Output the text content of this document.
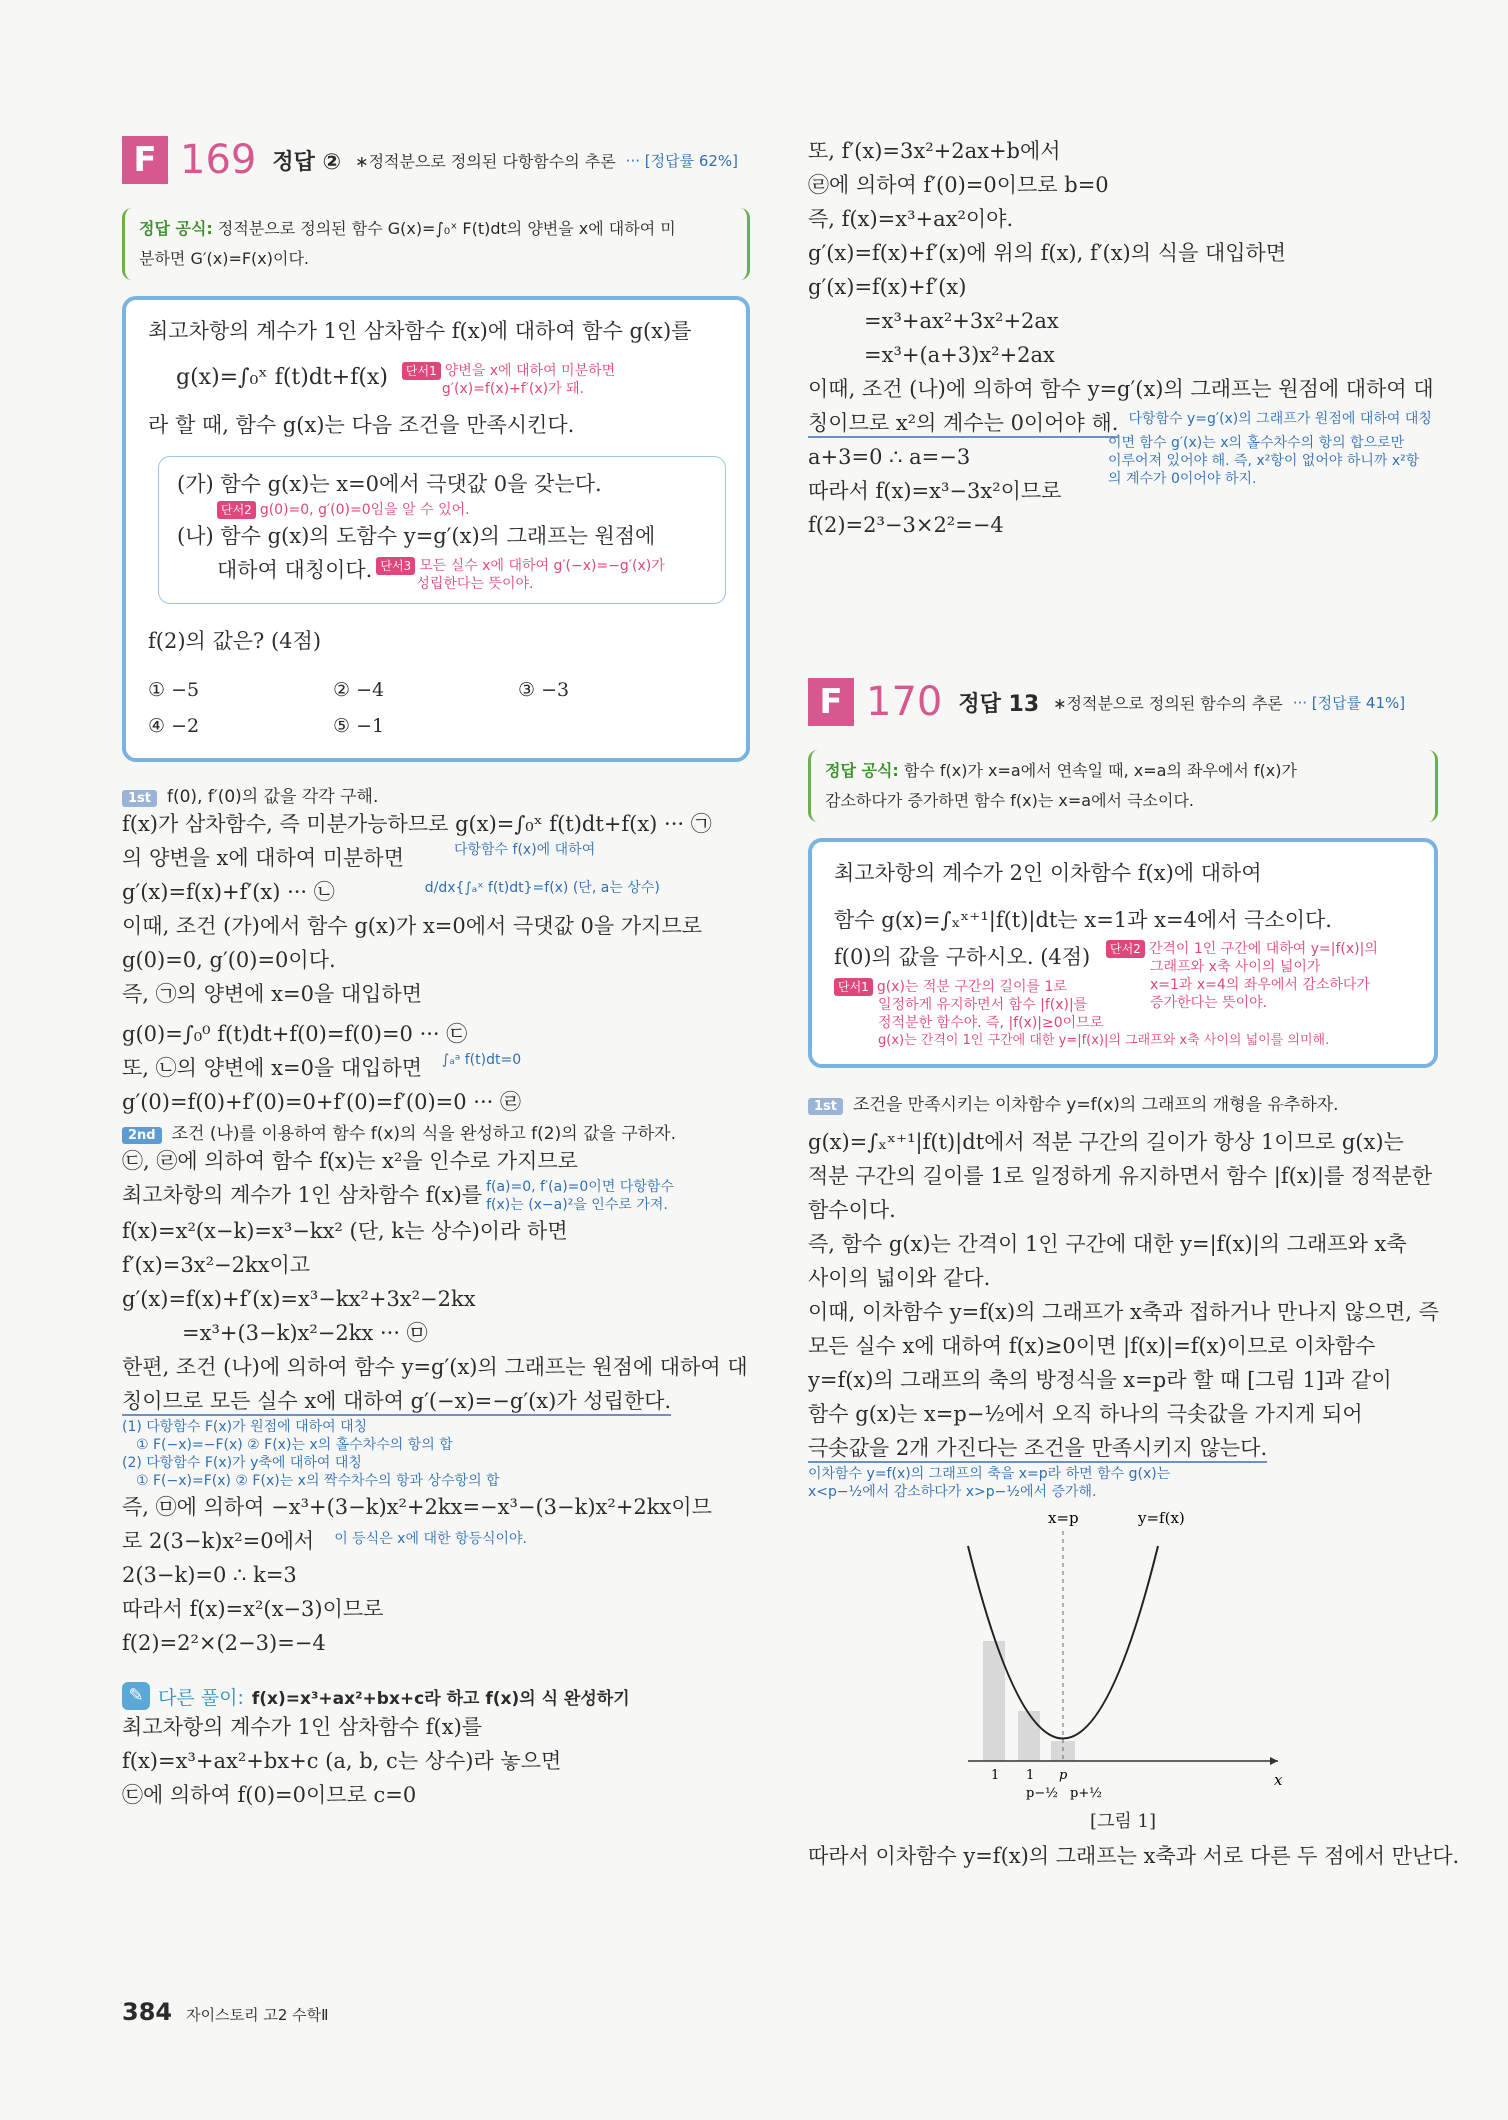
F 169 정답 ② ∗정적분으로 정의된 다항함수의 추론 ··· [정답률 62%]

정답 공식: 정적분으로 정의된 함수 G(x)=∫₀ˣ F(t)dt의 양변을 x에 대하여 미

분하면 G′(x)=F(x)이다.

최고차항의 계수가 1인 삼차함수 f(x)에 대하여 함수 g(x)를

g(x)=∫₀ˣ f(t)dt+f(x)	단서1 양변을 x에 대하여 미분하면
g′(x)=f(x)+f′(x)가 돼.

라 할 때, 함수 g(x)는 다음 조건을 만족시킨다.

(가) 함수 g(x)는 x=0에서 극댓값 0을 갖는다.

단서2 g(0)=0, g′(0)=0임을 알 수 있어.

(나) 함수 g(x)의 도함수 y=g′(x)의 그래프는 원점에

대하여 대칭이다. 단서3 모든 실수 x에 대하여 g′(−x)=−g′(x)가
성립한다는 뜻이야.

f(2)의 값은? (4점)

① −5	② −4	③ −3
④ −2	⑤ −1
1st f(0), f′(0)의 값을 각각 구해.

f(x)가 삼차함수, 즉 미분가능하므로 g(x)=∫₀ˣ f(t)dt+f(x) ··· ㉠

의 양변을 x에 대하여 미분하면	다항함수 f(x)에 대하여

g′(x)=f(x)+f′(x) ··· ㉡	d/dx{∫ₐˣ f(t)dt}=f(x) (단, a는 상수)

이때, 조건 (가)에서 함수 g(x)가 x=0에서 극댓값 0을 가지므로

g(0)=0, g′(0)=0이다.

즉, ㉠의 양변에 x=0을 대입하면

g(0)=∫₀⁰ f(t)dt+f(0)=f(0)=0 ··· ㉢

또, ㉡의 양변에 x=0을 대입하면 ∫ₐᵃ f(t)dt=0

g′(0)=f(0)+f′(0)=0+f′(0)=f′(0)=0 ··· ㉣

2nd 조건 (나)를 이용하여 함수 f(x)의 식을 완성하고 f(2)의 값을 구하자.

㉢, ㉣에 의하여 함수 f(x)는 x²을 인수로 가지므로

최고차항의 계수가 1인 삼차함수 f(x)를 f(a)=0, f′(a)=0이면 다항함수
f(x)는 (x−a)²을 인수로 가져.

f(x)=x²(x−k)=x³−kx² (단, k는 상수)이라 하면

f′(x)=3x²−2kx이고

g′(x)=f(x)+f′(x)=x³−kx²+3x²−2kx

=x³+(3−k)x²−2kx ··· ㉤

한편, 조건 (나)에 의하여 함수 y=g′(x)의 그래프는 원점에 대하여 대

칭이므로 모든 실수 x에 대하여 g′(−x)=−g′(x)가 성립한다.

(1) 다항함수 F(x)가 원점에 대하여 대칭
① F(−x)=−F(x) ② F(x)는 x의 홀수차수의 항의 합
(2) 다항함수 F(x)가 y축에 대하여 대칭
① F(−x)=F(x) ② F(x)는 x의 짝수차수의 항과 상수항의 합

즉, ㉤에 의하여 −x³+(3−k)x²+2kx=−x³−(3−k)x²+2kx이므

로 2(3−k)x²=0에서 이 등식은 x에 대한 항등식이야.

2(3−k)=0 ∴ k=3

따라서 f(x)=x²(x−3)이므로

f(2)=2²×(2−3)=−4

✎ 다른 풀이: f(x)=x³+ax²+bx+c라 하고 f(x)의 식 완성하기

최고차항의 계수가 1인 삼차함수 f(x)를

f(x)=x³+ax²+bx+c (a, b, c는 상수)라 놓으면

㉢에 의하여 f(0)=0이므로 c=0

또, f′(x)=3x²+2ax+b에서

㉣에 의하여 f′(0)=0이므로 b=0

즉, f(x)=x³+ax²이야.

g′(x)=f(x)+f′(x)에 위의 f(x), f′(x)의 식을 대입하면

g′(x)=f(x)+f′(x)

=x³+ax²+3x²+2ax

=x³+(a+3)x²+2ax

이때, 조건 (나)에 의하여 함수 y=g′(x)의 그래프는 원점에 대하여 대

칭이므로 x²의 계수는 0이어야 해. 다항함수 y=g′(x)의 그래프가 원점에 대하여 대칭

a+3=0 ∴ a=−3

따라서 f(x)=x³−3x²이므로

f(2)=2³−3×2²=−4

이면 함수 g′(x)는 x의 홀수차수의 항의 합으로만
이루어져 있어야 해. 즉, x²항이 없어야 하니까 x²항
의 계수가 0이어야 하지.
F 170 정답 13 ∗정적분으로 정의된 함수의 추론 ··· [정답률 41%]

정답 공식: 함수 f(x)가 x=a에서 연속일 때, x=a의 좌우에서 f(x)가

감소하다가 증가하면 함수 f(x)는 x=a에서 극소이다.

최고차항의 계수가 2인 이차함수 f(x)에 대하여

함수 g(x)=∫ₓˣ⁺¹|f(t)|dt는 x=1과 x=4에서 극소이다.

f(0)의 값을 구하시오. (4점)

단서1 g(x)는 적분 구간의 길이를 1로
일정하게 유지하면서 함수 |f(x)|를
정적분한 함수야. 즉, |f(x)|≥0이므로
단서2 간격이 1인 구간에 대하여 y=|f(x)|의
그래프와 x축 사이의 넓이가
x=1과 x=4의 좌우에서 감소하다가
증가한다는 뜻이야.
g(x)는 간격이 1인 구간에 대한 y=|f(x)|의 그래프와 x축 사이의 넓이를 의미해.
1st 조건을 만족시키는 이차함수 y=f(x)의 그래프의 개형을 유추하자.

g(x)=∫ₓˣ⁺¹|f(t)|dt에서 적분 구간의 길이가 항상 1이므로 g(x)는

적분 구간의 길이를 1로 일정하게 유지하면서 함수 |f(x)|를 정적분한

함수이다.

즉, 함수 g(x)는 간격이 1인 구간에 대한 y=|f(x)|의 그래프와 x축

사이의 넓이와 같다.

이때, 이차함수 y=f(x)의 그래프가 x축과 접하거나 만나지 않으면, 즉

모든 실수 x에 대하여 f(x)≥0이면 |f(x)|=f(x)이므로 이차함수

y=f(x)의 그래프의 축의 방정식을 x=p라 할 때 [그림 1]과 같이

함수 g(x)는 x=p−½에서 오직 하나의 극솟값을 가지게 되어

극솟값을 2개 가진다는 조건을 만족시키지 않는다.

이차함수 y=f(x)의 그래프의 축을 x=p라 하면 함수 g(x)는
x<p−½에서 감소하다가 x>p−½에서 증가해.
x=p	y=f(x)
x
1 1 p
p−½ p+½

[그림 1]

따라서 이차함수 y=f(x)의 그래프는 x축과 서로 다른 두 점에서 만난다.

384 자이스토리 고2 수학Ⅱ
